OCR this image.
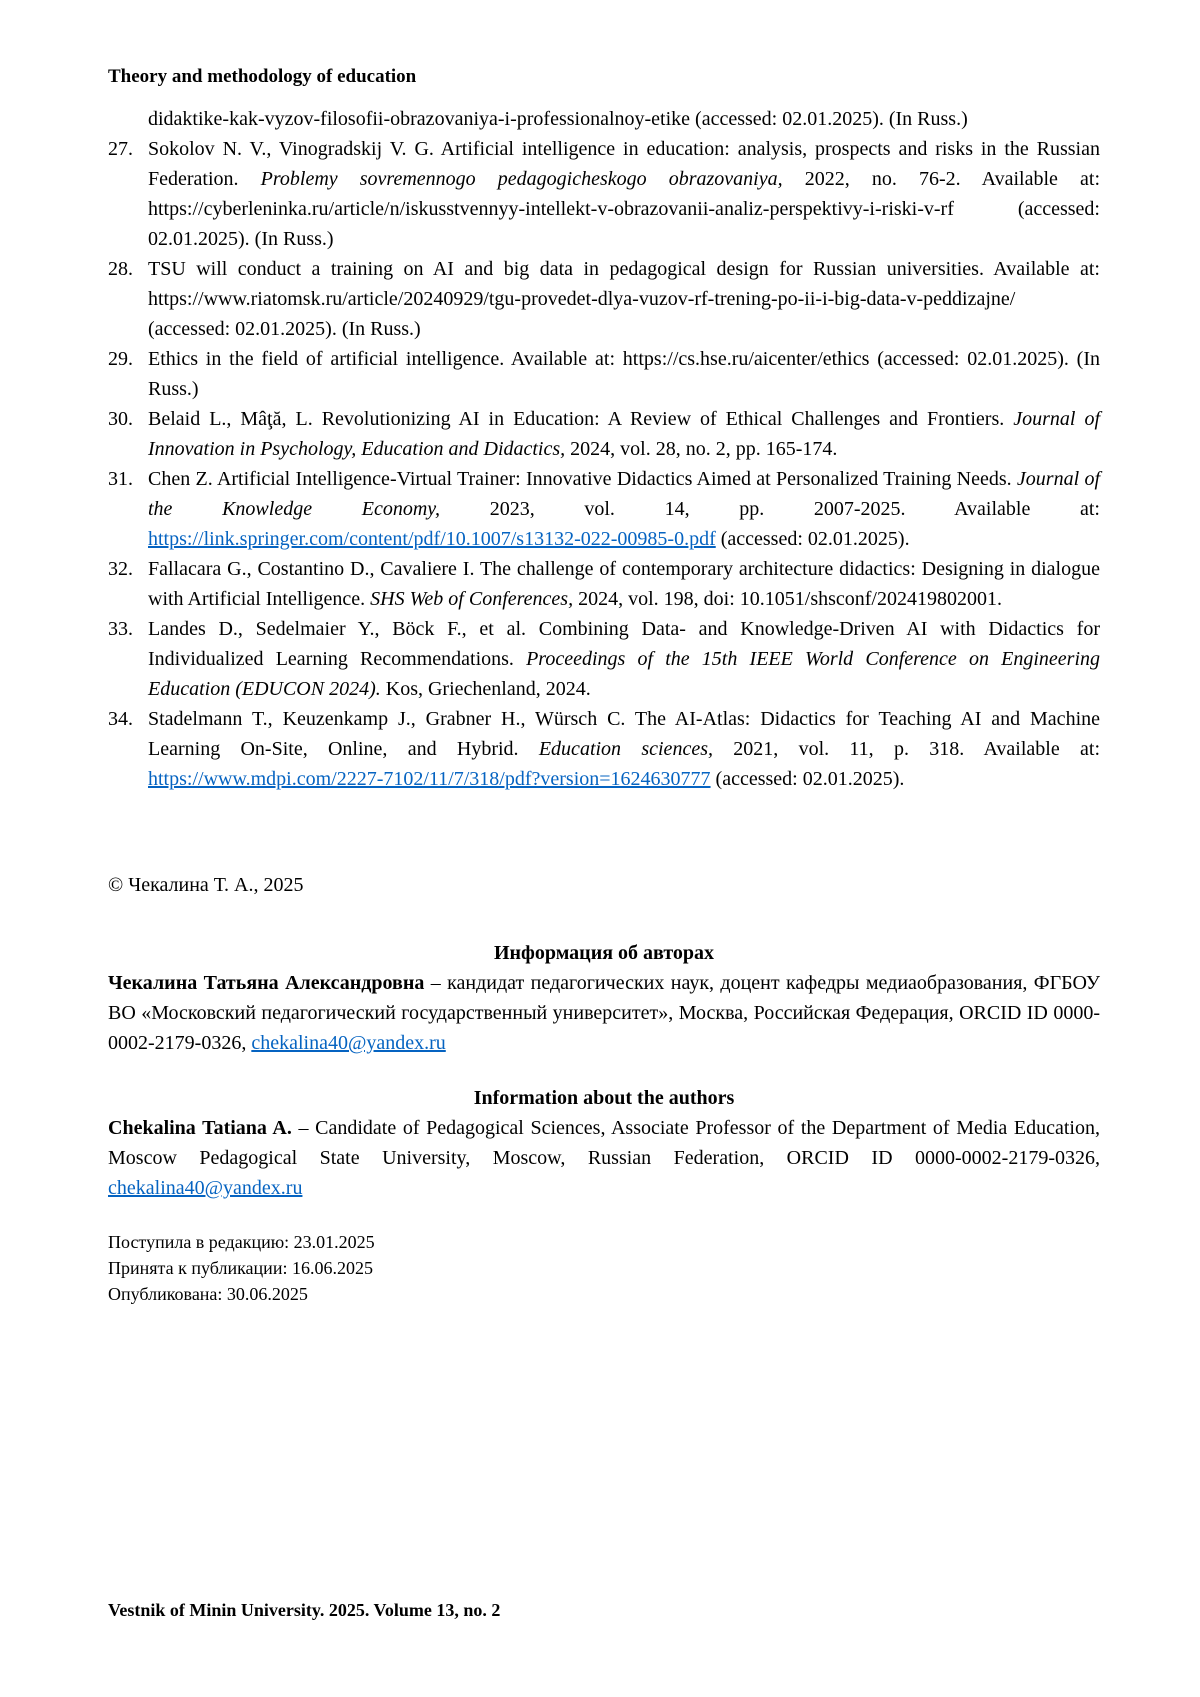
Theory and methodology of education
didaktike-kak-vyzov-filosofii-obrazovaniya-i-professionalnoy-etike (accessed: 02.01.2025). (In Russ.)
27. Sokolov N. V., Vinogradskij V. G. Artificial intelligence in education: analysis, prospects and risks in the Russian Federation. Problemy sovremennogo pedagogicheskogo obrazovaniya, 2022, no. 76-2. Available at: https://cyberleninka.ru/article/n/iskusstvennyy-intellekt-v-obrazovanii-analiz-perspektivy-i-riski-v-rf (accessed: 02.01.2025). (In Russ.)
28. TSU will conduct a training on AI and big data in pedagogical design for Russian universities. Available at: https://www.riatomsk.ru/article/20240929/tgu-provedet-dlya-vuzov-rf-trening-po-ii-i-big-data-v-peddizajne/ (accessed: 02.01.2025). (In Russ.)
29. Ethics in the field of artificial intelligence. Available at: https://cs.hse.ru/aicenter/ethics (accessed: 02.01.2025). (In Russ.)
30. Belaid L., Mâţă, L. Revolutionizing AI in Education: A Review of Ethical Challenges and Frontiers. Journal of Innovation in Psychology, Education and Didactics, 2024, vol. 28, no. 2, pp. 165-174.
31. Chen Z. Artificial Intelligence-Virtual Trainer: Innovative Didactics Aimed at Personalized Training Needs. Journal of the Knowledge Economy, 2023, vol. 14, pp. 2007-2025. Available at: https://link.springer.com/content/pdf/10.1007/s13132-022-00985-0.pdf (accessed: 02.01.2025).
32. Fallacara G., Costantino D., Cavaliere I. The challenge of contemporary architecture didactics: Designing in dialogue with Artificial Intelligence. SHS Web of Conferences, 2024, vol. 198, doi: 10.1051/shsconf/202419802001.
33. Landes D., Sedelmaier Y., Böck F., et al. Combining Data- and Knowledge-Driven AI with Didactics for Individualized Learning Recommendations. Proceedings of the 15th IEEE World Conference on Engineering Education (EDUCON 2024). Kos, Griechenland, 2024.
34. Stadelmann T., Keuzenkamp J., Grabner H., Würsch C. The AI-Atlas: Didactics for Teaching AI and Machine Learning On-Site, Online, and Hybrid. Education sciences, 2021, vol. 11, p. 318. Available at: https://www.mdpi.com/2227-7102/11/7/318/pdf?version=1624630777 (accessed: 02.01.2025).
© Чекалина Т. А., 2025
Информация об авторах
Чекалина Татьяна Александровна – кандидат педагогических наук, доцент кафедры медиаобразования, ФГБОУ ВО «Московский педагогический государственный университет», Москва, Российская Федерация, ORCID ID 0000-0002-2179-0326, chekalina40@yandex.ru
Information about the authors
Chekalina Tatiana A. – Candidate of Pedagogical Sciences, Associate Professor of the Department of Media Education, Moscow Pedagogical State University, Moscow, Russian Federation, ORCID ID 0000-0002-2179-0326, chekalina40@yandex.ru
Поступила в редакцию: 23.01.2025
Принята к публикации: 16.06.2025
Опубликована: 30.06.2025
Vestnik of Minin University. 2025. Volume 13, no. 2
